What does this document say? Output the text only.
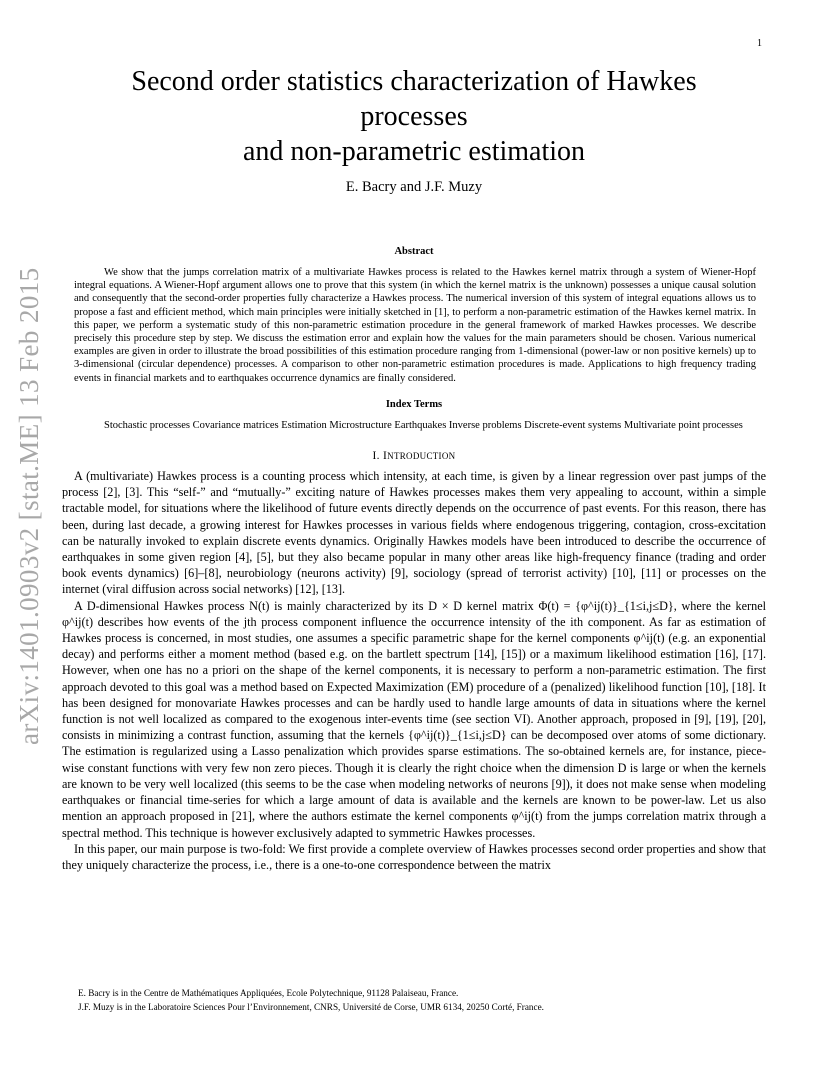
1
arXiv:1401.0903v2 [stat.ME] 13 Feb 2015
Second order statistics characterization of Hawkes
processes
and non-parametric estimation
E. Bacry and J.F. Muzy
Abstract
We show that the jumps correlation matrix of a multivariate Hawkes process is related to the Hawkes kernel matrix through a system of Wiener-Hopf integral equations. A Wiener-Hopf argument allows one to prove that this system (in which the kernel matrix is the unknown) possesses a unique causal solution and consequently that the second-order properties fully characterize a Hawkes process. The numerical inversion of this system of integral equations allows us to propose a fast and efficient method, which main principles were initially sketched in [1], to perform a non-parametric estimation of the Hawkes kernel matrix. In this paper, we perform a systematic study of this non-parametric estimation procedure in the general framework of marked Hawkes processes. We describe precisely this procedure step by step. We discuss the estimation error and explain how the values for the main parameters should be chosen. Various numerical examples are given in order to illustrate the broad possibilities of this estimation procedure ranging from 1-dimensional (power-law or non positive kernels) up to 3-dimensional (circular dependence) processes. A comparison to other non-parametric estimation procedures is made. Applications to high frequency trading events in financial markets and to earthquakes occurrence dynamics are finally considered.
Index Terms
Stochastic processes Covariance matrices Estimation Microstructure Earthquakes Inverse problems Discrete-event systems Multivariate point processes
I. INTRODUCTION

A (multivariate) Hawkes process is a counting process which intensity, at each time, is given by a linear regression over past jumps of the process [2], [3]. This “self-” and “mutually-” exciting nature of Hawkes processes makes them very appealing to account, within a simple tractable model, for situations where the likelihood of future events directly depends on the occurrence of past events. For this reason, there has been, during last decade, a growing interest for Hawkes processes in various fields where endogenous triggering, contagion, cross-excitation can be naturally invoked to explain discrete events dynamics. Originally Hawkes models have been introduced to describe the occurrence of earthquakes in some given region [4], [5], but they also became popular in many other areas like high-frequency finance (trading and order book events dynamics) [6]–[8], neurobiology (neurons activity) [9], sociology (spread of terrorist activity) [10], [11] or processes on the internet (viral diffusion across social networks) [12], [13].

A D-dimensional Hawkes process N(t) is mainly characterized by its D × D kernel matrix Φ(t) = {φ^ij(t)}_{1≤i,j≤D}, where the kernel φ^ij(t) describes how events of the jth process component influence the occurrence intensity of the ith component. As far as estimation of Hawkes process is concerned, in most studies, one assumes a specific parametric shape for the kernel components φ^ij(t) (e.g. an exponential decay) and performs either a moment method (based e.g. on the bartlett spectrum [14], [15]) or a maximum likelihood estimation [16], [17]. However, when one has no a priori on the shape of the kernel components, it is necessary to perform a non-parametric estimation. The first approach devoted to this goal was a method based on Expected Maximization (EM) procedure of a (penalized) likelihood function [10], [18]. It has been designed for monovariate Hawkes processes and can be hardly used to handle large amounts of data in situations where the kernel function is not well localized as compared to the exogenous inter-events time (see section VI). Another approach, proposed in [9], [19], [20], consists in minimizing a contrast function, assuming that the kernels {φ^ij(t)}_{1≤i,j≤D} can be decomposed over atoms of some dictionary. The estimation is regularized using a Lasso penalization which provides sparse estimations. The so-obtained kernels are, for instance, piece-wise constant functions with very few non zero pieces. Though it is clearly the right choice when the dimension D is large or when the kernels are known to be very well localized (this seems to be the case when modeling networks of neurons [9]), it does not make sense when modeling earthquakes or financial time-series for which a large amount of data is available and the kernels are known to be power-law. Let us also mention an approach proposed in [21], where the authors estimate the kernel components φ^ij(t) from the jumps correlation matrix through a spectral method. This technique is however exclusively adapted to symmetric Hawkes processes.

In this paper, our main purpose is two-fold: We first provide a complete overview of Hawkes processes second order properties and show that they uniquely characterize the process, i.e., there is a one-to-one correspondence between the matrix

E. Bacry is in the Centre de Mathématiques Appliquées, Ecole Polytechnique, 91128 Palaiseau, France.
J.F. Muzy is in the Laboratoire Sciences Pour l’Environnement, CNRS, Université de Corse, UMR 6134, 20250 Corté, France.
